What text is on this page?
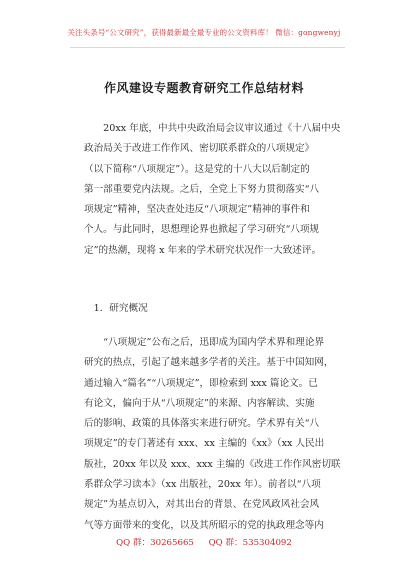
关注头条号“公文研究”，获得最新最全最专业的公文资料库！ 微信：gongwenyj
作风建设专题教育研究工作总结材料
　　20xx 年底，中共中央政治局会议审议通过《十八届中央
政治局关于改进工作作风、密切联系群众的八项规定》
（以下简称“八项规定”）。这是党的十八大以后制定的
第一部重要党内法规。之后，全党上下努力贯彻落实“八
项规定”精神，坚决查处违反“八项规定”精神的事件和
个人。与此同时，思想理论界也掀起了学习研究“八项规
定”的热潮，现将 x 年来的学术研究状况作一大致述评。
　1．研究概况
　　“八项规定”公布之后，迅即成为国内学术界和理论界
研究的热点，引起了越来越多学者的关注。基于中国知网，
通过输入“篇名”“八项规定”，即检索到 xxx 篇论文。已
有论文，偏向于从“八项规定”的来源、内容解读、实施
后的影响、政策的具体落实来进行研究。学术界有关“八
项规定”的专门著述有 xxx、xx 主编的《xx》（xx 人民出
版社，20xx 年以及 xxx、xxx 主编的《改进工作作风密切联
系群众学习读本》（xx 出版社，20xx 年）。前者以“八项
规定”为基点切入，对其出台的背景、在党风政风社会风
气等方面带来的变化，以及其所昭示的党的执政理念等内
QQ 群：30265665 QQ 群：535304092
